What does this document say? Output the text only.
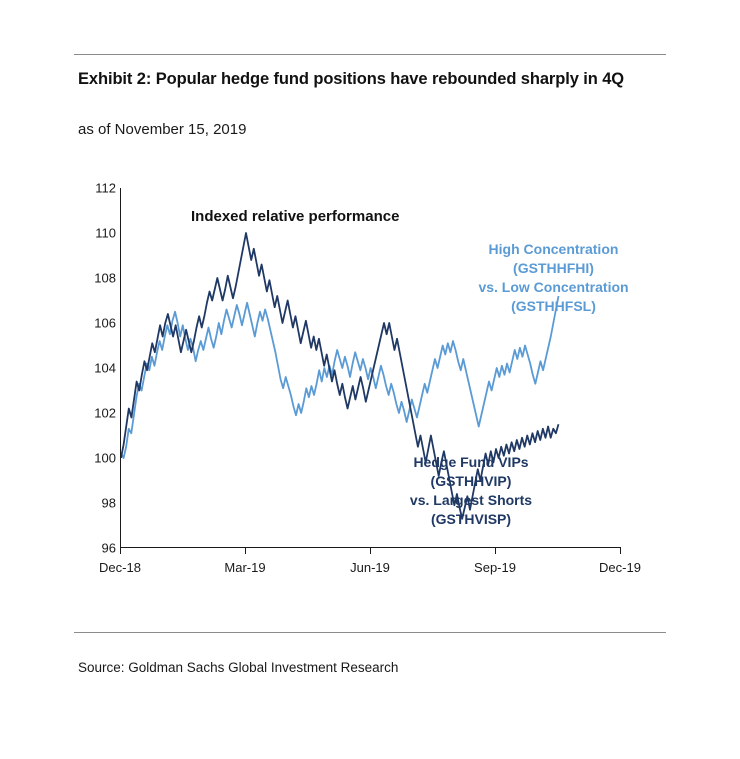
Exhibit 2: Popular hedge fund positions have rebounded sharply in 4Q
as of November 15, 2019
96
98
100
102
104
106
108
110
112
Indexed relative performance
High Concentration
(GSTHHFHI)
vs. Low Concentration
(GSTHHFSL)
Hedge Fund VIPs
(GSTHHVIP)
vs. Largest Shorts
(GSTHVISP)
Dec-18	Mar-19	Jun-19	Sep-19	Dec-19
Source: Goldman Sachs Global Investment Research
